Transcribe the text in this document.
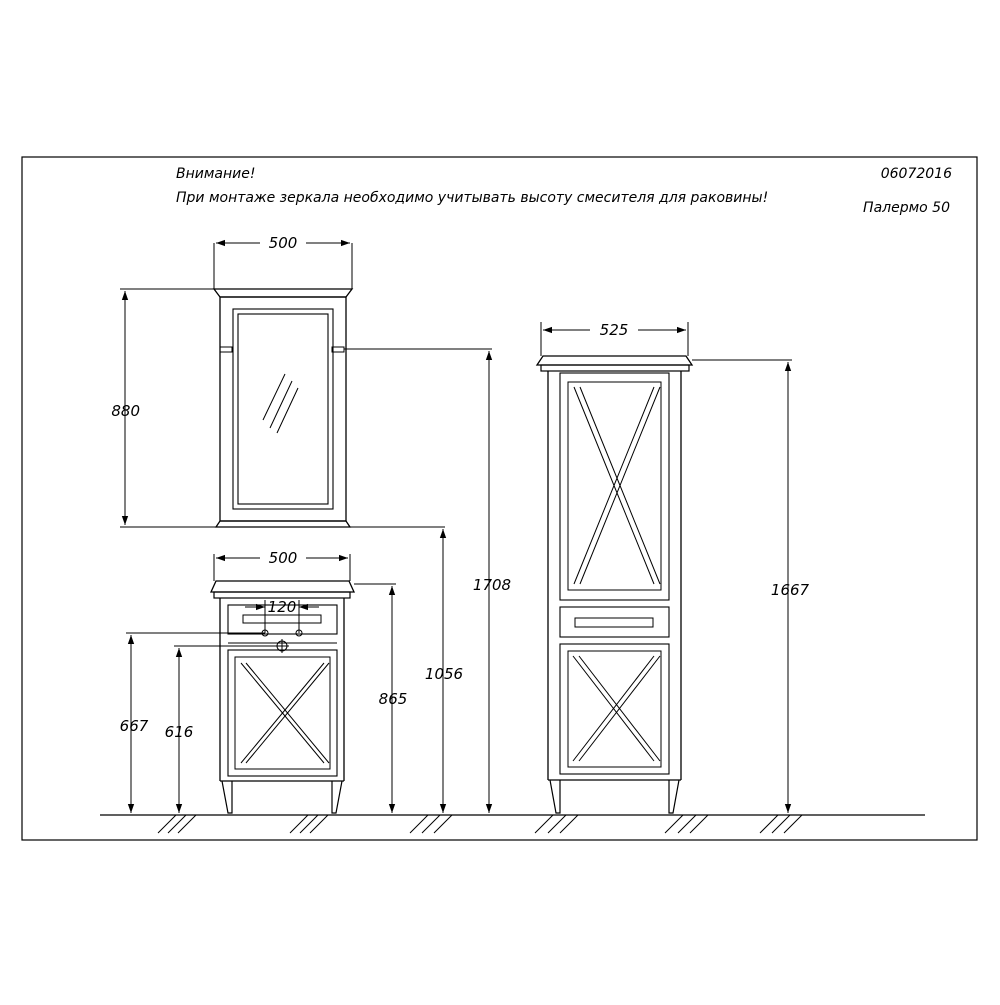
Внимание!
При монтаже зеркала необходимо учитывать высоту смесителя для раковины!
06072016
Палермо 50
500
880
1708
1056
500
120
865
667 616
525
1667
